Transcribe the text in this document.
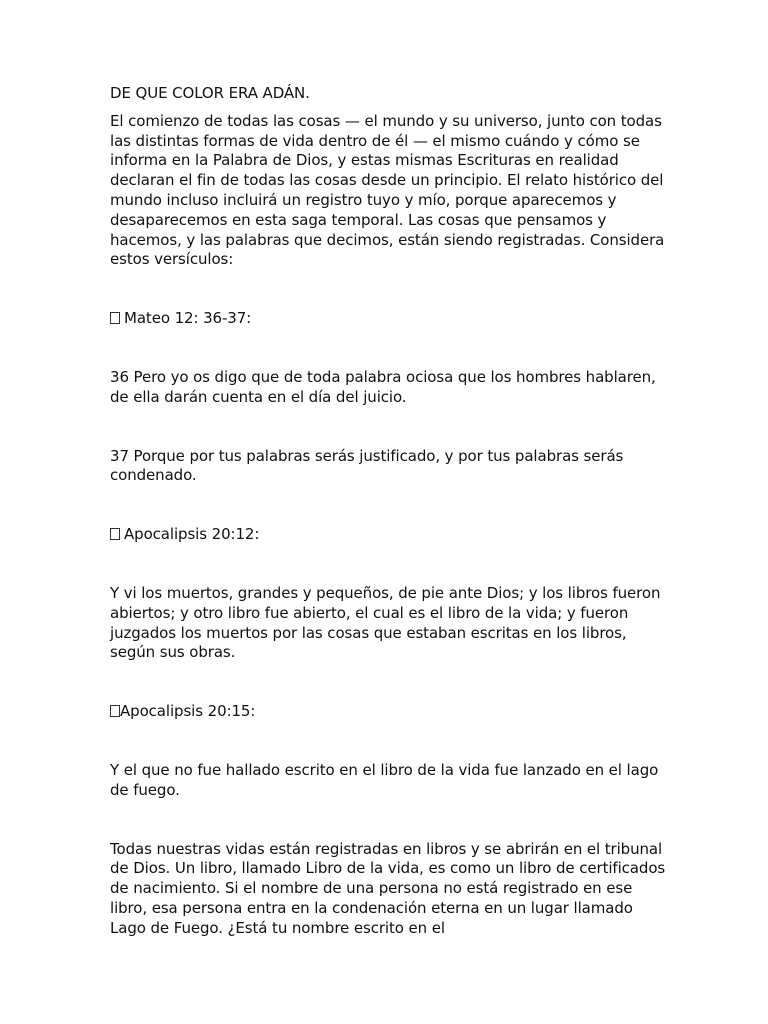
DE QUE COLOR ERA ADÁN.

El comienzo de todas las cosas — el mundo y su universo, junto con todas las distintas formas de vida dentro de él — el mismo cuándo y cómo se informa en la Palabra de Dios, y estas mismas Escrituras en realidad declaran el fin de todas las cosas desde un principio. El relato histórico del mundo incluso incluirá un registro tuyo y mío, porque aparecemos y desaparecemos en esta saga temporal. Las cosas que pensamos y hacemos, y las palabras que decimos, están siendo registradas. Considera estos versículos:

Mateo 12: 36-37:

36 Pero yo os digo que de toda palabra ociosa que los hombres hablaren, de ella darán cuenta en el día del juicio.

37 Porque por tus palabras serás justificado, y por tus palabras serás condenado.

Apocalipsis 20:12:

Y vi los muertos, grandes y pequeños, de pie ante Dios; y los libros fueron abiertos; y otro libro fue abierto, el cual es el libro de la vida; y fueron juzgados los muertos por las cosas que estaban escritas en los libros, según sus obras.

Apocalipsis 20:15:

Y el que no fue hallado escrito en el libro de la vida fue lanzado en el lago de fuego.

Todas nuestras vidas están registradas en libros y se abrirán en el tribunal de Dios. Un libro, llamado Libro de la vida, es como un libro de certificados de nacimiento. Si el nombre de una persona no está registrado en ese libro, esa persona entra en la condenación eterna en un lugar llamado Lago de Fuego. ¿Está tu nombre escrito en el
